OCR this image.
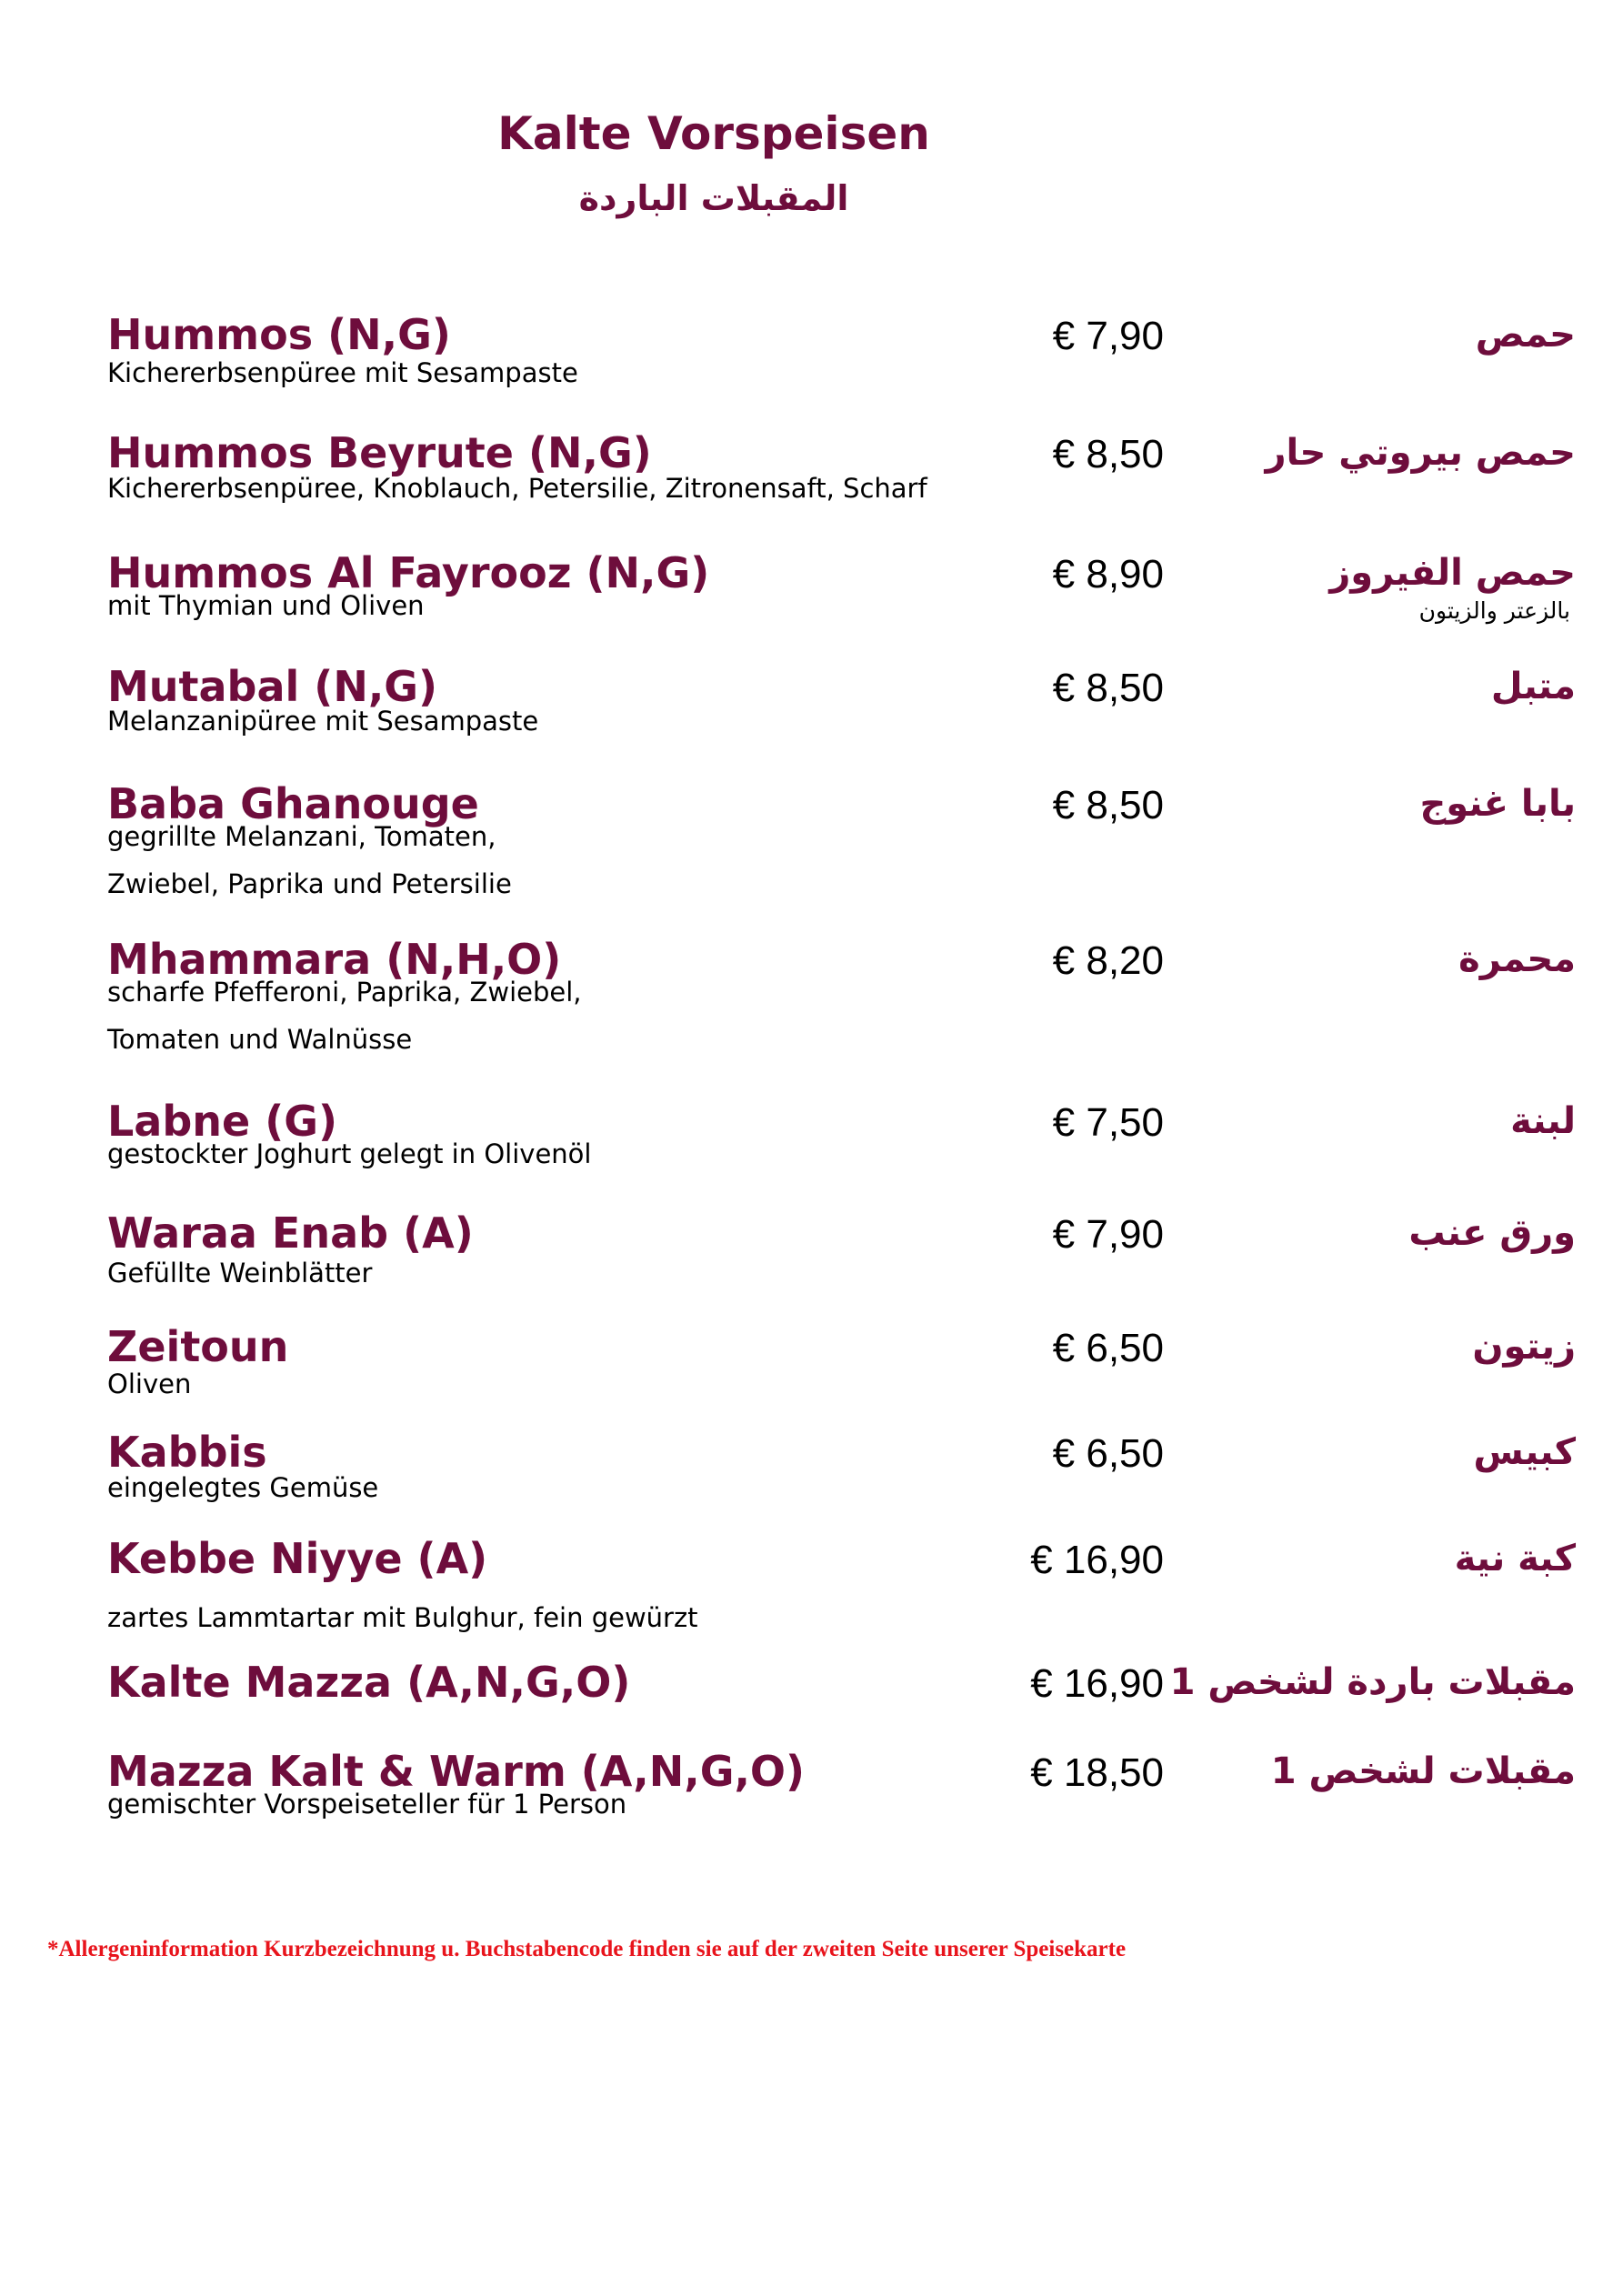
Kalte Vorspeisen
المقبلات الباردة
Hummos (N,G)	€ 7,90	حمص
Kichererbsenpüree mit Sesampaste
Hummos Beyrute (N,G)	€ 8,50	حمص بيروتي حار
Kichererbsenpüree, Knoblauch, Petersilie, Zitronensaft, Scharf
Hummos Al Fayrooz (N,G)	€ 8,90	حمص الفيروز
mit Thymian und Oliven	بالزعتر والزيتون
Mutabal (N,G)	€ 8,50	متبل
Melanzanipüree mit Sesampaste
Baba Ghanouge	€ 8,50	بابا غنوج
gegrillte Melanzani, Tomaten,
Zwiebel, Paprika und Petersilie
Mhammara (N,H,O)	€ 8,20	محمرة
scharfe Pfefferoni, Paprika, Zwiebel,
Tomaten und Walnüsse
Labne (G)	€ 7,50	لبنة
gestockter Joghurt gelegt in Olivenöl
Waraa Enab (A)	€ 7,90	ورق عنب
Gefüllte Weinblätter
Zeitoun	€ 6,50	زيتون
Oliven
Kabbis	€ 6,50	كبيس
eingelegtes Gemüse
Kebbe Niyye (A)	€ 16,90	كبة نية
zartes Lammtartar mit Bulghur, fein gewürzt
Kalte Mazza (A,N,G,O)	€ 16,90 مقبلات باردة لشخص 1
Mazza Kalt & Warm (A,N,G,O)	€ 18,50	مقبلات لشخص 1
gemischter Vorspeiseteller für 1 Person
*Allergeninformation Kurzbezeichnung u. Buchstabencode finden sie auf der zweiten Seite unserer Speisekarte
